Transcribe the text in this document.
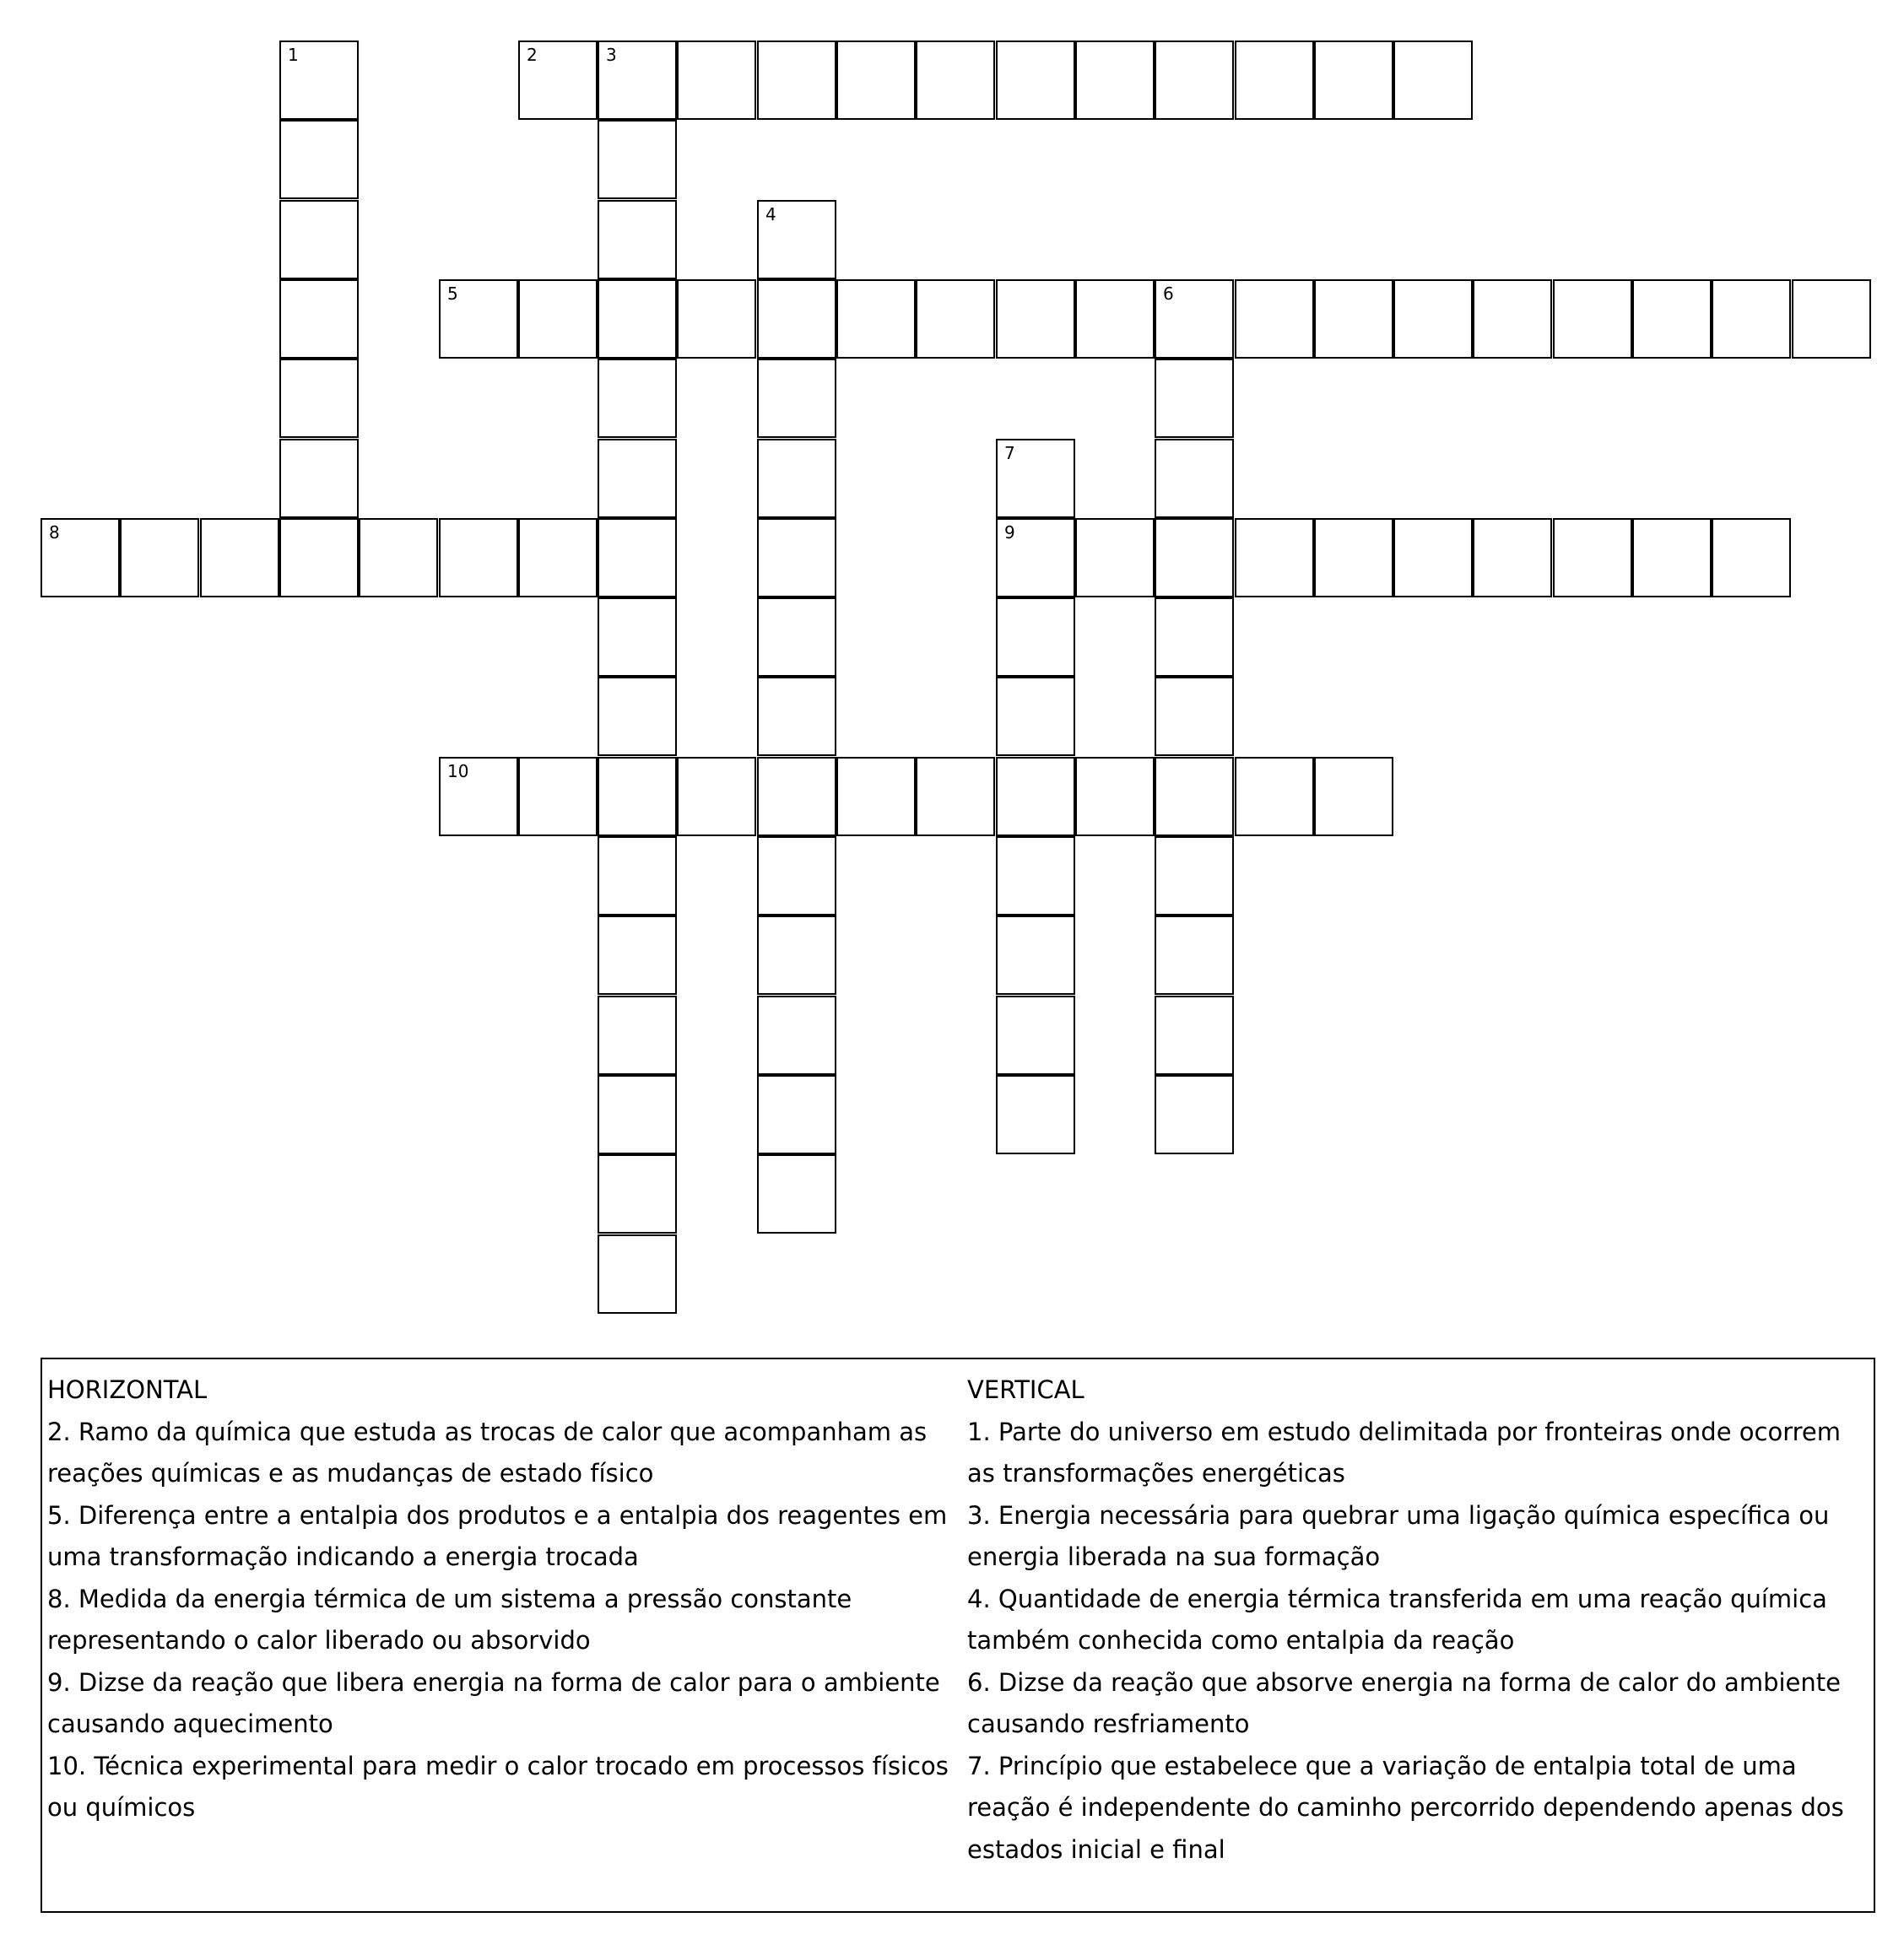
1	2	3
4
5	6
7
9
8
10
HORIZONTAL
2. Ramo da química que estuda as trocas de calor que acompanham as reações químicas e as mudanças de estado físico
5. Diferença entre a entalpia dos produtos e a entalpia dos reagentes em uma transformação indicando a energia trocada
8. Medida da energia térmica de um sistema a pressão constante representando o calor liberado ou absorvido
9. Dizse da reação que libera energia na forma de calor para o ambiente causando aquecimento
10. Técnica experimental para medir o calor trocado em processos físicos ou químicos
VERTICAL
1. Parte do universo em estudo delimitada por fronteiras onde ocorrem as transformações energéticas
3. Energia necessária para quebrar uma ligação química específica ou energia liberada na sua formação
4. Quantidade de energia térmica transferida em uma reação química também conhecida como entalpia da reação
6. Dizse da reação que absorve energia na forma de calor do ambiente causando resfriamento
7. Princípio que estabelece que a variação de entalpia total de uma reação é independente do caminho percorrido dependendo apenas dos estados inicial e final
